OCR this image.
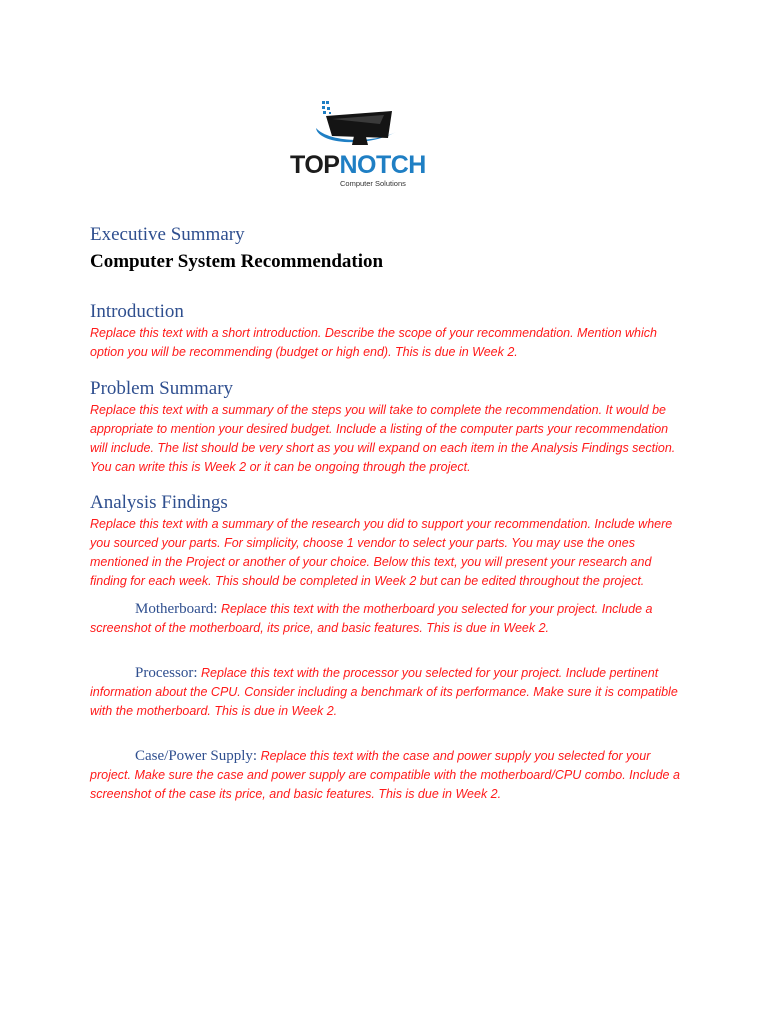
TOPNOTCH
Computer Solutions

Executive Summary

Computer System Recommendation

Introduction

Replace this text with a short introduction. Describe the scope of your recommendation. Mention which option you will be recommending (budget or high end). This is due in Week 2.

Problem Summary

Replace this text with a summary of the steps you will take to complete the recommendation. It would be appropriate to mention your desired budget. Include a listing of the computer parts your recommendation will include. The list should be very short as you will expand on each item in the Analysis Findings section. You can write this is Week 2 or it can be ongoing through the project.

Analysis Findings

Replace this text with a summary of the research you did to support your recommendation. Include where you sourced your parts. For simplicity, choose 1 vendor to select your parts. You may use the ones mentioned in the Project or another of your choice. Below this text, you will present your research and finding for each week. This should be completed in Week 2 but can be edited throughout the project.

Motherboard: Replace this text with the motherboard you selected for your project. Include a screenshot of the motherboard, its price, and basic features. This is due in Week 2.

Processor: Replace this text with the processor you selected for your project. Include pertinent information about the CPU. Consider including a benchmark of its performance. Make sure it is compatible with the motherboard. This is due in Week 2.

Case/Power Supply: Replace this text with the case and power supply you selected for your project. Make sure the case and power supply are compatible with the motherboard/CPU combo. Include a screenshot of the case its price, and basic features. This is due in Week 2.
